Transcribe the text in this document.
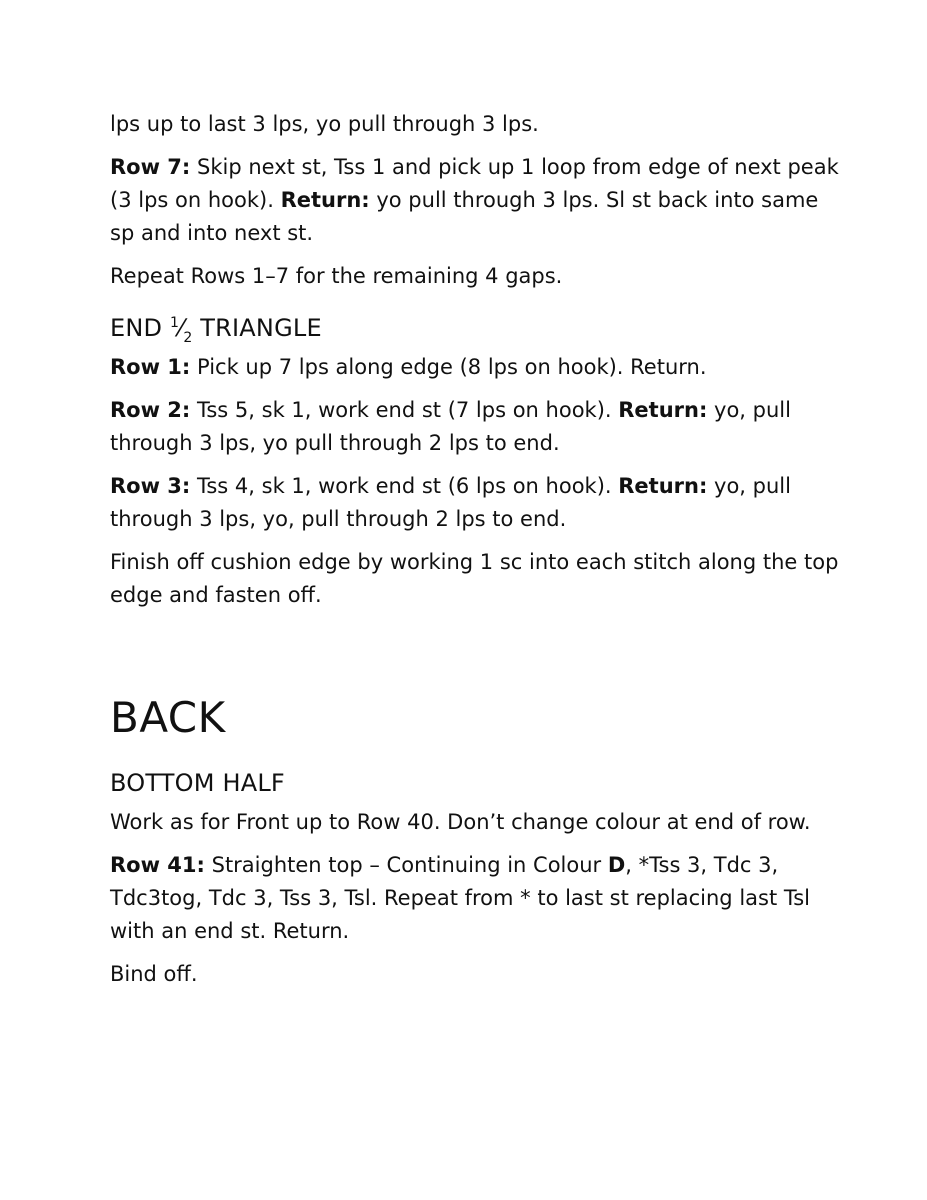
lps up to last 3 lps, yo pull through 3 lps.

Row 7: Skip next st, Tss 1 and pick up 1 loop from edge of next peak (3 lps on hook). Return: yo pull through 3 lps. Sl st back into same sp and into next st.

Repeat Rows 1–7 for the remaining 4 gaps.

END $^1⁄_2$ TRIANGLE

Row 1: Pick up 7 lps along edge (8 lps on hook). Return.

Row 2: Tss 5, sk 1, work end st (7 lps on hook). Return: yo, pull through 3 lps, yo pull through 2 lps to end.

Row 3: Tss 4, sk 1, work end st (6 lps on hook). Return: yo, pull through 3 lps, yo, pull through 2 lps to end.

Finish off cushion edge by working 1 sc into each stitch along the top edge and fasten off.

BACK
BOTTOM HALF

Work as for Front up to Row 40. Don’t change colour at end of row.

Row 41: Straighten top – Continuing in Colour D, *Tss 3, Tdc 3, Tdc3tog, Tdc 3, Tss 3, Tsl. Repeat from * to last st replacing last Tsl with an end st. Return.

Bind off.
